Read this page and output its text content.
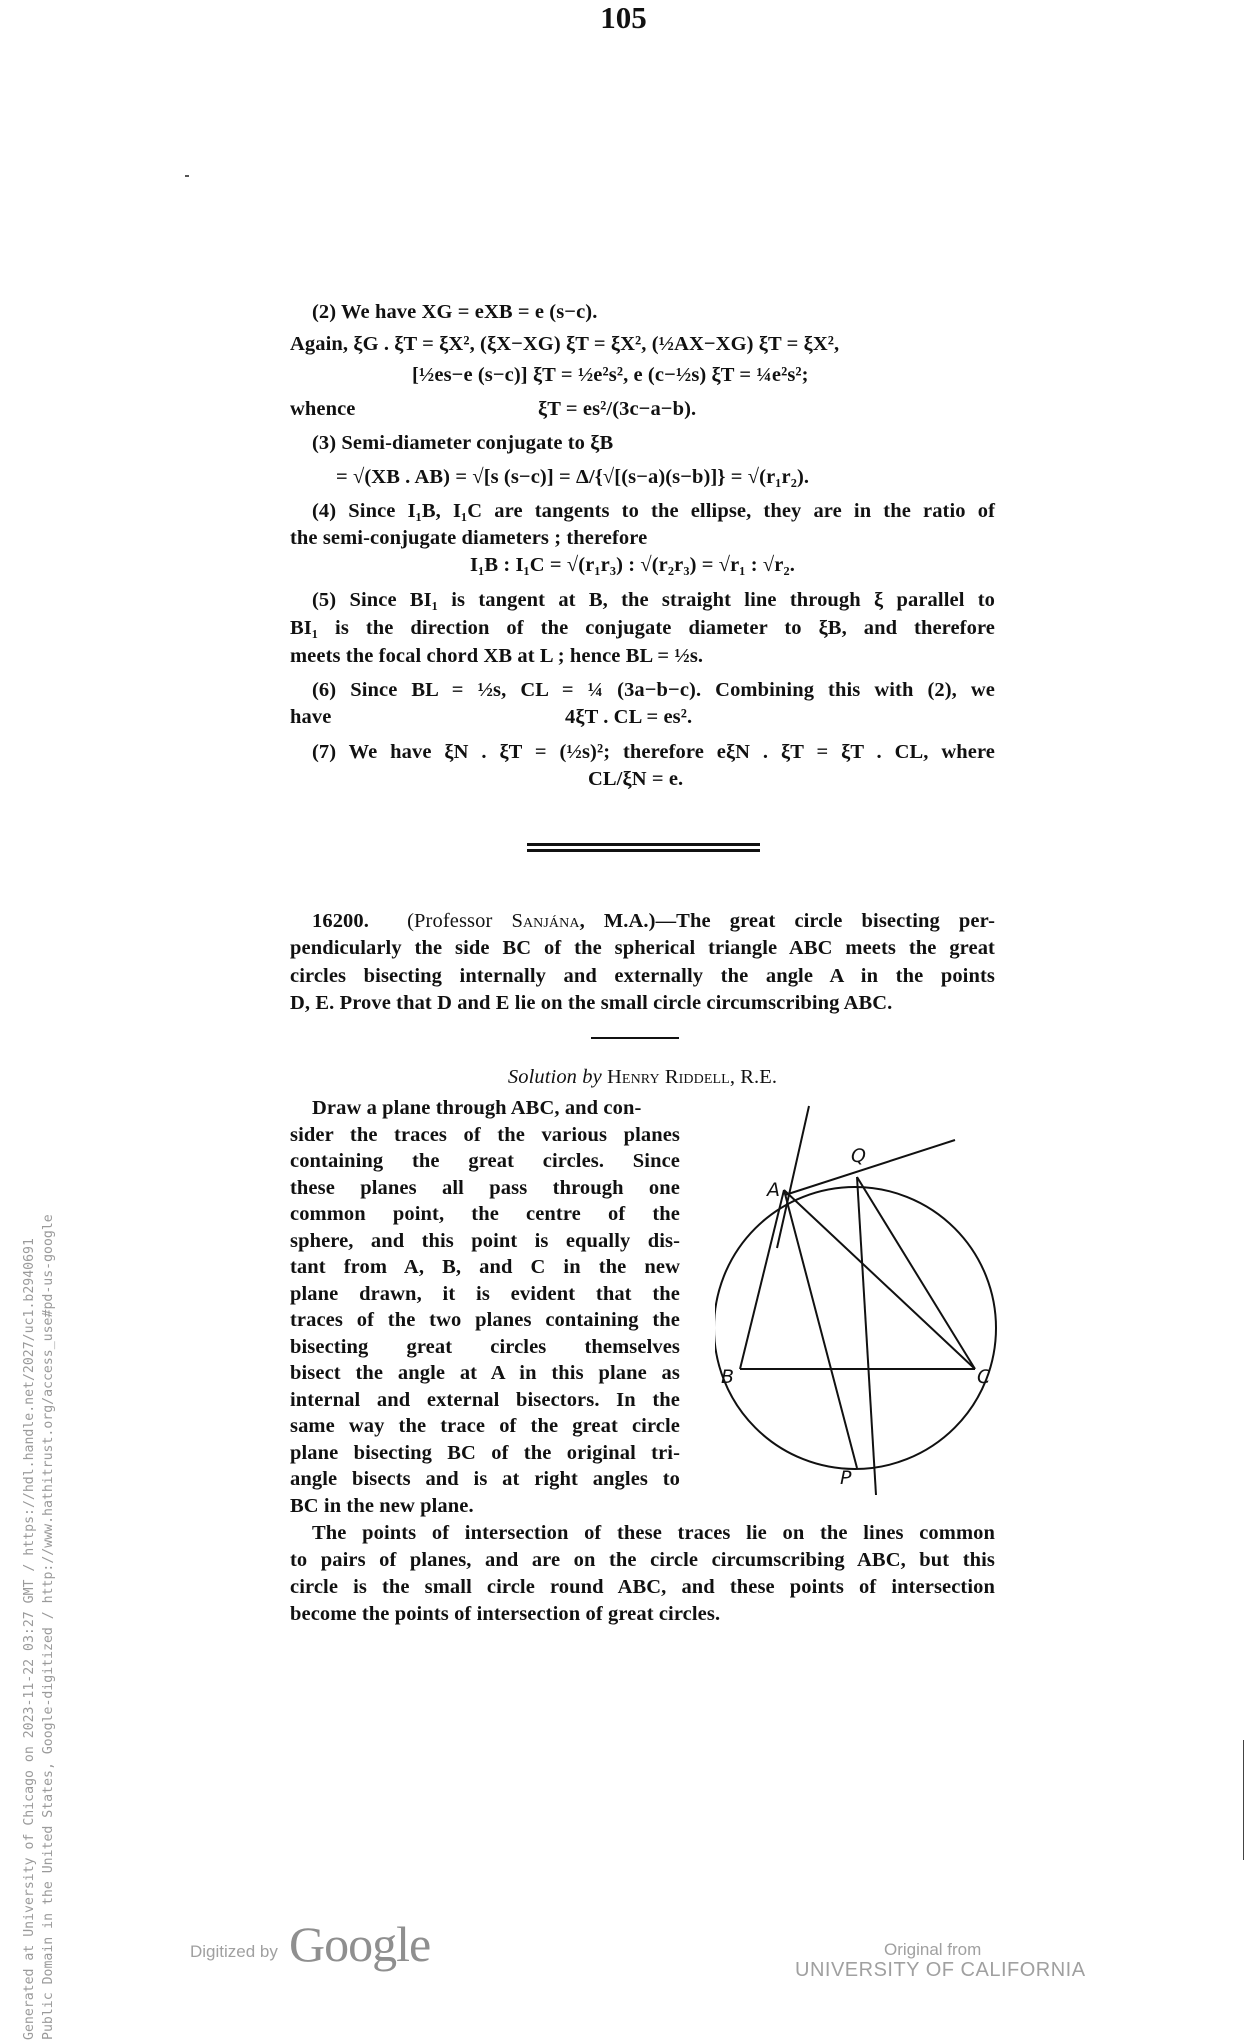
105
(2) We have XG = eXB = e (s−c).
Again, ξG . ξT = ξX², (ξX−XG) ξT = ξX², (½AX−XG) ξT = ξX²,
[½es−e (s−c)] ξT = ½e²s², e (c−½s) ξT = ¼e²s²;
whence	ξT = es²/(3c−a−b).
(3) Semi-diameter conjugate to ξB
= √(XB . AB) = √[s (s−c)] = Δ/{√[(s−a)(s−b)]} = √(r₁r₂).
(4) Since I₁B, I₁C are tangents to the ellipse, they are in the ratio of
the semi-conjugate diameters ; therefore
I₁B : I₁C = √(r₁r₃) : √(r₂r₃) = √r₁ : √r₂.
(5) Since BI₁ is tangent at B, the straight line through ξ parallel to
BI₁ is the direction of the conjugate diameter to ξB, and therefore
meets the focal chord XB at L ; hence BL = ½s.
(6) Since BL = ½s, CL = ¼ (3a−b−c). Combining this with (2), we
have	4ξT . CL = es².
(7) We have ξN . ξT = (½s)²; therefore eξN . ξT = ξT . CL, where
CL/ξN = e.
16200. (Professor Sanjána, M.A.)—The great circle bisecting per-
pendicularly the side BC of the spherical triangle ABC meets the great
circles bisecting internally and externally the angle A in the points
D, E. Prove that D and E lie on the small circle circumscribing ABC.
Solution by Henry Riddell, R.E.
Draw a plane through ABC, and con-
sider the traces of the various planes
containing the great circles. Since
these planes all pass through one
common point, the centre of the
sphere, and this point is equally dis-
tant from A, B, and C in the new
plane drawn, it is evident that the
traces of the two planes containing the
bisecting great circles themselves
bisect the angle at A in this plane as
internal and external bisectors. In the
same way the trace of the great circle
plane bisecting BC of the original tri-
angle bisects and is at right angles to
BC in the new plane.
The points of intersection of these traces lie on the lines common
to pairs of planes, and are on the circle circumscribing ABC, but this
circle is the small circle round ABC, and these points of intersection
become the points of intersection of great circles.
A
Q
B	C
P
Generated at University of Chicago on 2023-11-22 03:27 GMT / https://hdl.handle.net/2027/uc1.b2940691 Public Domain in the United States, Google-digitized / http://www.hathitrust.org/access_use#pd-us-google	Digitized by Google	Original from
UNIVERSITY OF CALIFORNIA
